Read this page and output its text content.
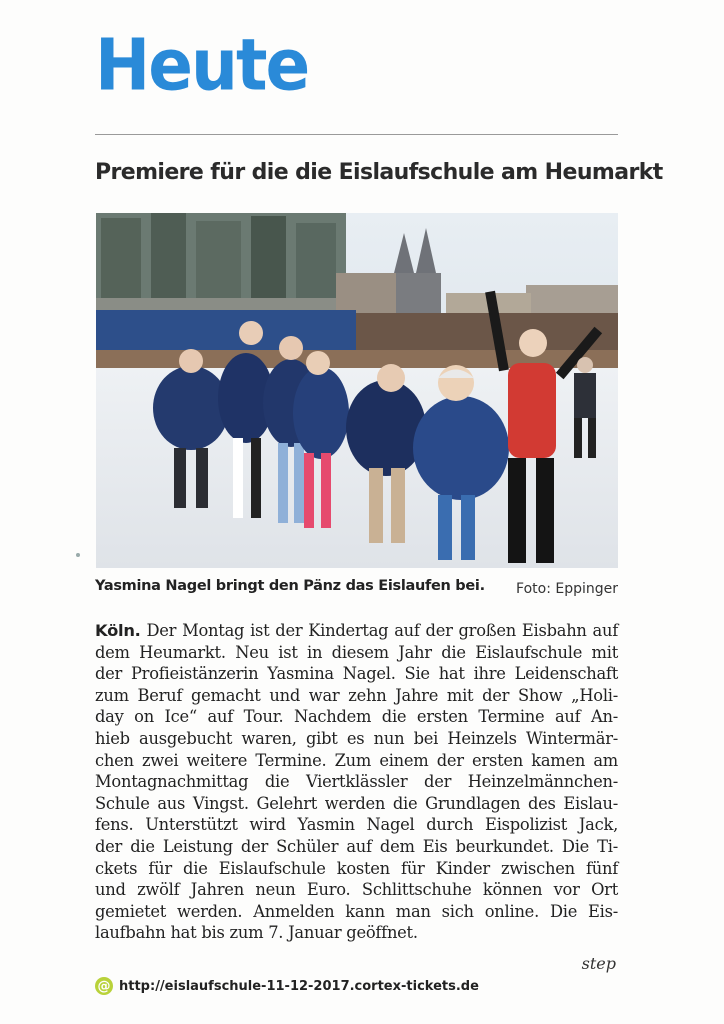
Heute
Premiere für die die Eislaufschule am Heumarkt
Yasmina Nagel bringt den Pänz das Eislaufen bei. Foto: Eppinger
Köln. Der Montag ist der Kindertag auf der großen Eisbahn auf
dem Heumarkt. Neu ist in diesem Jahr die Eislaufschule mit
der Profieistänzerin Yasmina Nagel. Sie hat ihre Leidenschaft
zum Beruf gemacht und war zehn Jahre mit der Show „Holi-
day on Ice“ auf Tour. Nachdem die ersten Termine auf An-
hieb ausgebucht waren, gibt es nun bei Heinzels Wintermär-
chen zwei weitere Termine. Zum einem der ersten kamen am
Montagnachmittag die Viertklässler der Heinzelmännchen-
Schule aus Vingst. Gelehrt werden die Grundlagen des Eislau-
fens. Unterstützt wird Yasmin Nagel durch Eispolizist Jack,
der die Leistung der Schüler auf dem Eis beurkundet. Die Ti-
ckets für die Eislaufschule kosten für Kinder zwischen fünf
und zwölf Jahren neun Euro. Schlittschuhe können vor Ort
gemietet werden. Anmelden kann man sich online. Die Eis-
laufbahn hat bis zum 7. Januar geöffnet.
step
@ http://eislaufschule-11-12-2017.cortex-tickets.de
